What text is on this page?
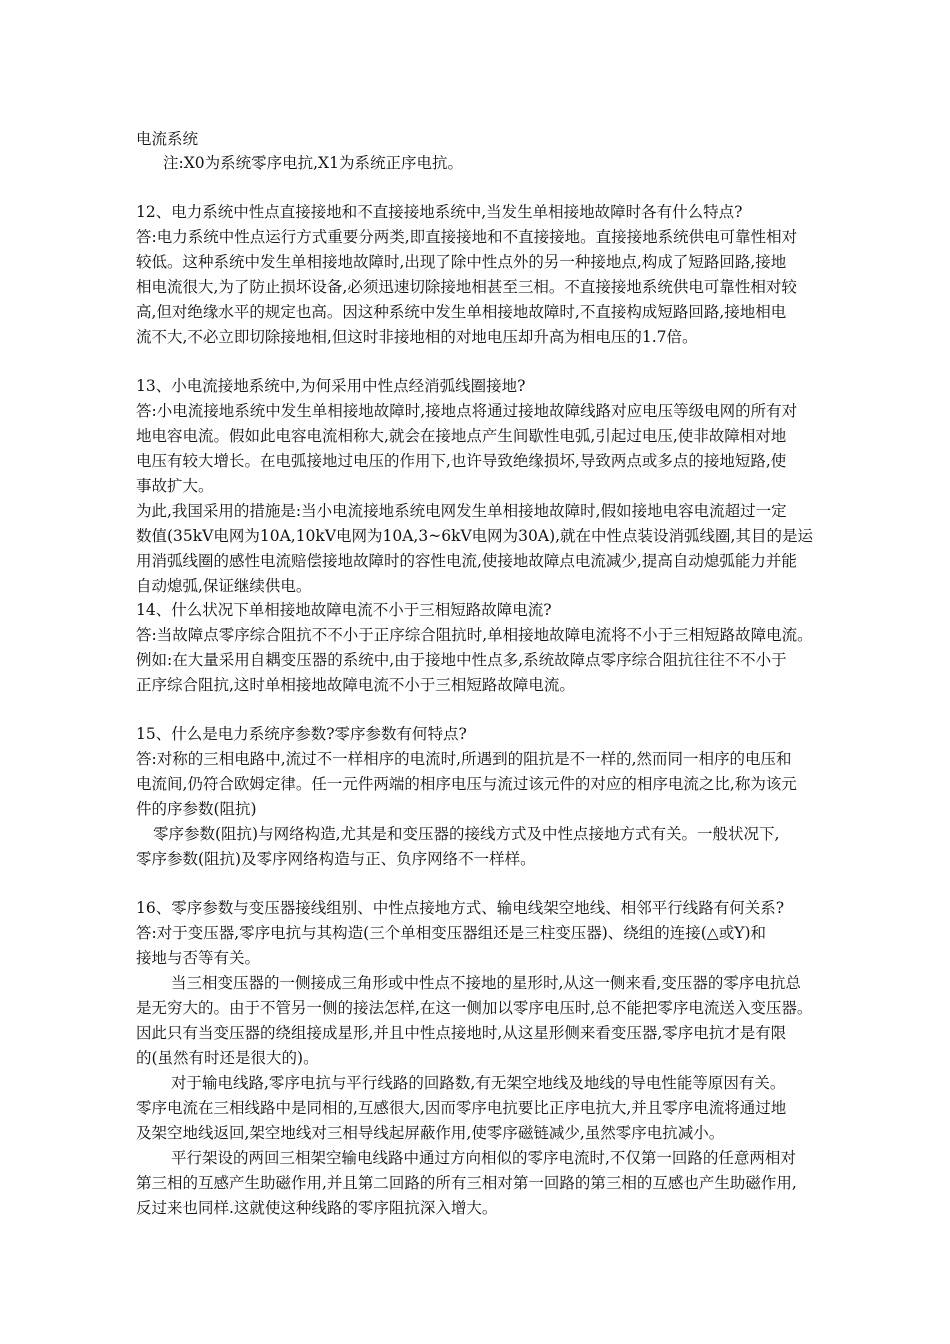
电流系统
注:X0为系统零序电抗,X1为系统正序电抗。
12、电力系统中性点直接接地和不直接接地系统中,当发生单相接地故障时各有什么特点?
答:电力系统中性点运行方式重要分两类,即直接接地和不直接接地。直接接地系统供电可靠性相对
较低。这种系统中发生单相接地故障时,出现了除中性点外的另一种接地点,构成了短路回路,接地
相电流很大,为了防止损坏设备,必须迅速切除接地相甚至三相。不直接接地系统供电可靠性相对较
高,但对绝缘水平的规定也高。因这种系统中发生单相接地故障时,不直接构成短路回路,接地相电
流不大,不必立即切除接地相,但这时非接地相的对地电压却升高为相电压的1.7倍。
13、小电流接地系统中,为何采用中性点经消弧线圈接地?
答:小电流接地系统中发生单相接地故障时,接地点将通过接地故障线路对应电压等级电网的所有对
地电容电流。假如此电容电流相称大,就会在接地点产生间歇性电弧,引起过电压,使非故障相对地
电压有较大增长。在电弧接地过电压的作用下,也许导致绝缘损坏,导致两点或多点的接地短路,使
事故扩大。
为此,我国采用的措施是:当小电流接地系统电网发生单相接地故障时,假如接地电容电流超过一定
数值(35kV电网为10A,10kV电网为10A,3~6kV电网为30A),就在中性点装设消弧线圈,其目的是运
用消弧线圈的感性电流赔偿接地故障时的容性电流,使接地故障点电流减少,提高自动熄弧能力并能
自动熄弧,保证继续供电。
14、什么状况下单相接地故障电流不小于三相短路故障电流?
答:当故障点零序综合阻抗不不小于正序综合阻抗时,单相接地故障电流将不小于三相短路故障电流。
例如:在大量采用自耦变压器的系统中,由于接地中性点多,系统故障点零序综合阻抗往往不不小于
正序综合阻抗,这时单相接地故障电流不小于三相短路故障电流。
15、什么是电力系统序参数?零序参数有何特点?
答:对称的三相电路中,流过不一样相序的电流时,所遇到的阻抗是不一样的,然而同一相序的电压和
电流间,仍符合欧姆定律。任一元件两端的相序电压与流过该元件的对应的相序电流之比,称为该元
件的序参数(阻抗)
零序参数(阻抗)与网络构造,尤其是和变压器的接线方式及中性点接地方式有关。一般状况下,
零序参数(阻抗)及零序网络构造与正、负序网络不一样样。
16、零序参数与变压器接线组别、中性点接地方式、输电线架空地线、相邻平行线路有何关系?
答:对于变压器,零序电抗与其构造(三个单相变压器组还是三柱变压器)、绕组的连接(△或Y)和
接地与否等有关。
当三相变压器的一侧接成三角形或中性点不接地的星形时,从这一侧来看,变压器的零序电抗总
是无穷大的。由于不管另一侧的接法怎样,在这一侧加以零序电压时,总不能把零序电流送入变压器。
因此只有当变压器的绕组接成星形,并且中性点接地时,从这星形侧来看变压器,零序电抗才是有限
的(虽然有时还是很大的)。
对于输电线路,零序电抗与平行线路的回路数,有无架空地线及地线的导电性能等原因有关。
零序电流在三相线路中是同相的,互感很大,因而零序电抗要比正序电抗大,并且零序电流将通过地
及架空地线返回,架空地线对三相导线起屏蔽作用,使零序磁链减少,虽然零序电抗减小。
平行架设的两回三相架空输电线路中通过方向相似的零序电流时,不仅第一回路的任意两相对
第三相的互感产生助磁作用,并且第二回路的所有三相对第一回路的第三相的互感也产生助磁作用,
反过来也同样.这就使这种线路的零序阻抗深入增大。
